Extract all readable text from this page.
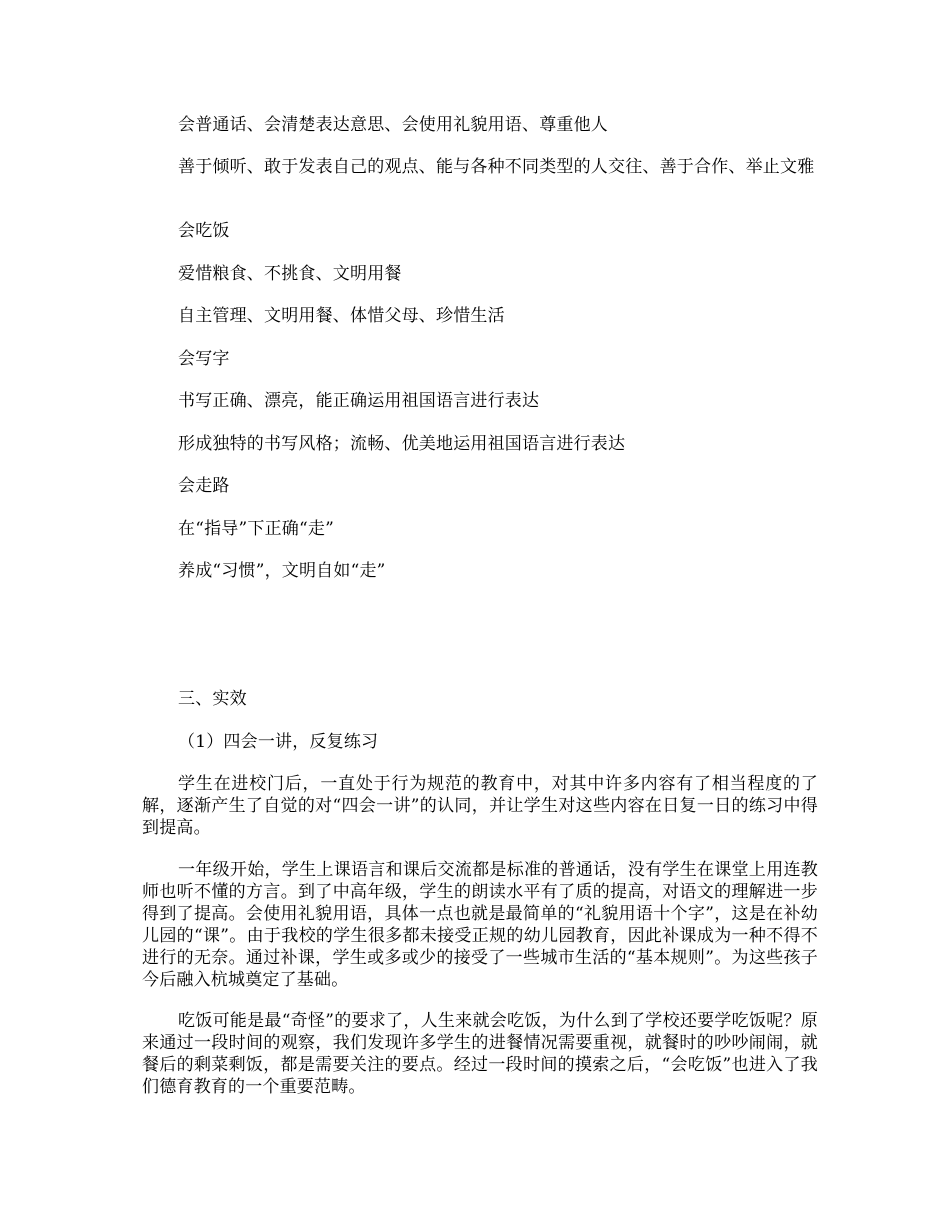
会普通话、会清楚表达意思、会使用礼貌用语、尊重他人

善于倾听、敢于发表自己的观点、能与各种不同类型的人交往、善于合作、举止文雅

会吃饭

爱惜粮食、不挑食、文明用餐

自主管理、文明用餐、体惜父母、珍惜生活

会写字

书写正确、漂亮，能正确运用祖国语言进行表达

形成独特的书写风格；流畅、优美地运用祖国语言进行表达

会走路

在“指导”下正确“走”

养成“习惯”，文明自如“走”

三、实效

（1）四会一讲，反复练习

学生在进校门后，一直处于行为规范的教育中，对其中许多内容有了相当程度的了解，逐渐产生了自觉的对“四会一讲”的认同，并让学生对这些内容在日复一日的练习中得到提高。

一年级开始，学生上课语言和课后交流都是标准的普通话，没有学生在课堂上用连教师也听不懂的方言。到了中高年级，学生的朗读水平有了质的提高，对语文的理解进一步得到了提高。会使用礼貌用语，具体一点也就是最简单的“礼貌用语十个字”，这是在补幼儿园的“课”。由于我校的学生很多都未接受正规的幼儿园教育，因此补课成为一种不得不进行的无奈。通过补课，学生或多或少的接受了一些城市生活的“基本规则”。为这些孩子今后融入杭城奠定了基础。

吃饭可能是最“奇怪”的要求了，人生来就会吃饭，为什么到了学校还要学吃饭呢？原来通过一段时间的观察，我们发现许多学生的进餐情况需要重视，就餐时的吵吵闹闹，就餐后的剩菜剩饭，都是需要关注的要点。经过一段时间的摸索之后，“会吃饭”也进入了我们德育教育的一个重要范畴。
